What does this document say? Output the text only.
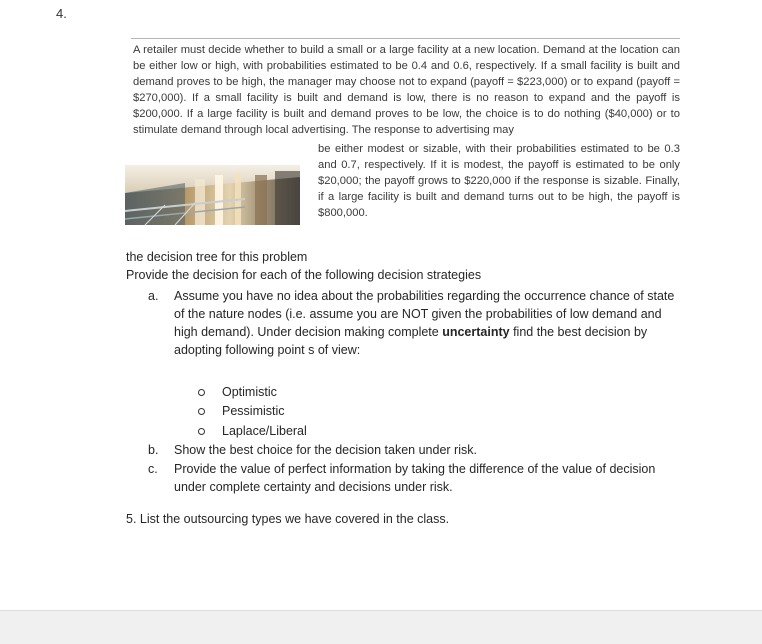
4.
A retailer must decide whether to build a small or a large facility at a new location. Demand at the location can be either low or high, with probabilities estimated to be 0.4 and 0.6, respectively. If a small facility is built and demand proves to be high, the manager may choose not to expand (payoff = $223,000) or to expand (payoff = $270,000). If a small facility is built and demand is low, there is no reason to expand and the payoff is $200,000. If a large facility is built and demand proves to be low, the choice is to do nothing ($40,000) or to stimulate demand through local advertising. The response to advertising may
be either modest or sizable, with their probabilities estimated to be 0.3 and 0.7, respectively. If it is modest, the payoff is estimated to be only $20,000; the payoff grows to $220,000 if the response is sizable. Finally, if a large facility is built and demand turns out to be high, the payoff is $800,000.
the decision tree for this problem
Provide the decision for each of the following decision strategies
a. Assume you have no idea about the probabilities regarding the occurrence chance of state of the nature nodes (i.e. assume you are NOT given the probabilities of low demand and high demand). Under decision making complete uncertainty find the best decision by adopting following point s of view:
Optimistic
Pessimistic
Laplace/Liberal
b. Show the best choice for the decision taken under risk.
c. Provide the value of perfect information by taking the difference of the value of decision under complete certainty and decisions under risk.
5. List the outsourcing types we have covered in the class.
